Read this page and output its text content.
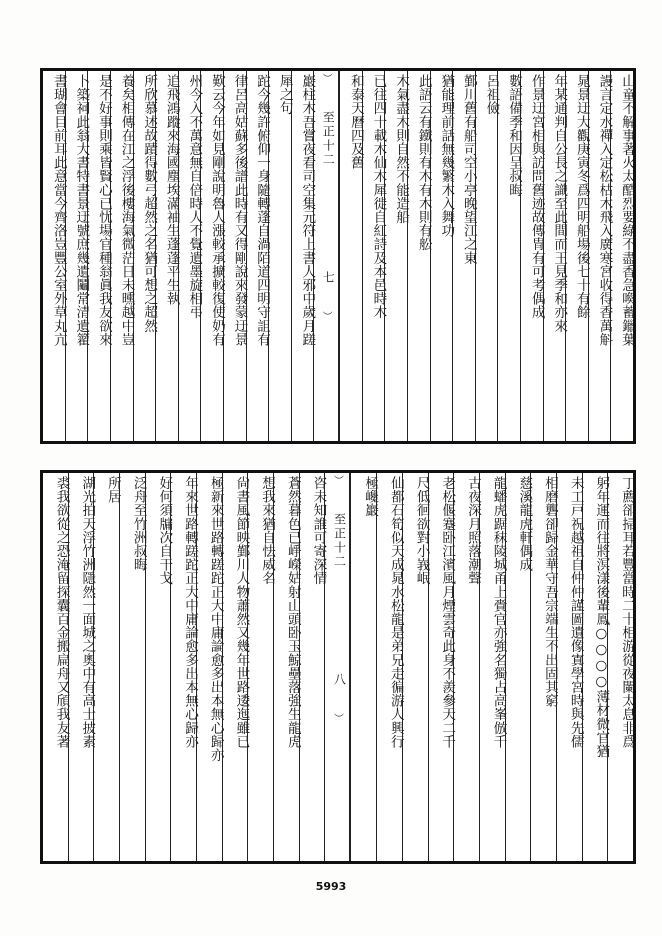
山童不解事著火太酷烈要綠不盡香急喚蓄鑞葉
謾言定水禪入定松枯木飛入廣寒宮收得香萬斛
晁景迂大觀庚寅冬爲四明船場後七十有餘
年某通判自公長之識至此間而王見季和亦來
作景迂宮相與訪問舊迹故傳冑有可考偶成
數語備季和因呈叔晦
呂祖儉
鄞川舊有船司空小亭晚望江之東
猶能理前話無幾繁木入舞功
此語云有鐵則有木有木則有舩
木氣盡木則自然不能造船
已往四十載木仙木犀徙自紅詩及本邑時木
和泰天曆四及舊
︶
至正十二
七
︶
巖柱木吾嘗夜看司空集元符上書人邪中歲月蹉
犀之句
跎今幾許俯仰一身隨轉蓬自渦陌道四明守詛有
律呂高姑蘇多後譜此時有又得剛說來發蒙迂景
歎云今年如見剛說明魯人漲較承擴較復使奶有
州今入不萬意無自倍時人不覺遺墨旋相弔
追飛鴻蹤來海國塵埃滿袖生蓬蓬平生執
所欣慕述故蹟得數弓超然之名猶可想之超然
養矣相傳在江之浮後樓海氣微茫日未曛越中豈
是不好事則乘皆賢心已忧場官種翁眞我友欲來
卜築祠此翁大書特書景迂號庶幾遺鬮常清遺籊
書瑚會目前耳此意當今齊洛豈豐公室外草丸亢
丁薦卻掃耳若豐當時二十相游從夜闌太息非爲
躬年運而往將溟漾後輩鳳○○○○薄材微官猶
未工戸祝越祖自仲仲謹圖遺像寘學宮時與先儒
相磨礱卻歸金華守吾宗端生不出固其窮
慈溪龍虎軒偶成
龍蟠虎踞秣陵城甬上賫官亦強名獨占高峯倣千
古夜深月照落潮聲
老松偃蹇卧江濱風月煙雲奇此身不羨參天二千
尺低徊欲對小峩岷
仙都石筍似天成晁水松龍是弟兄走徧游人興行
極巉巖
︶
至正十二
八
︶
咨未知誰可寄深情
蒼然暮色已崢嶸姑射山頭卧玉鯨壘落強生龍虎
想我來猶自怯威名
尙書風節映鄞川人物蕭然又幾年世路逶迤雖已
極新來世路轉蹉跎正大中庸論愈多出本無心歸亦
年來世路轉蹉跎正大中庸論愈多出本無心歸亦
好何須牖次自干戈
泛舟至竹洲叔晦
所居
湖光拍天浮竹洲隱然一面城之奧中有高士披素
裘我欲從之恐淹留探囊百金搬扁舟又頎我友著
5993
